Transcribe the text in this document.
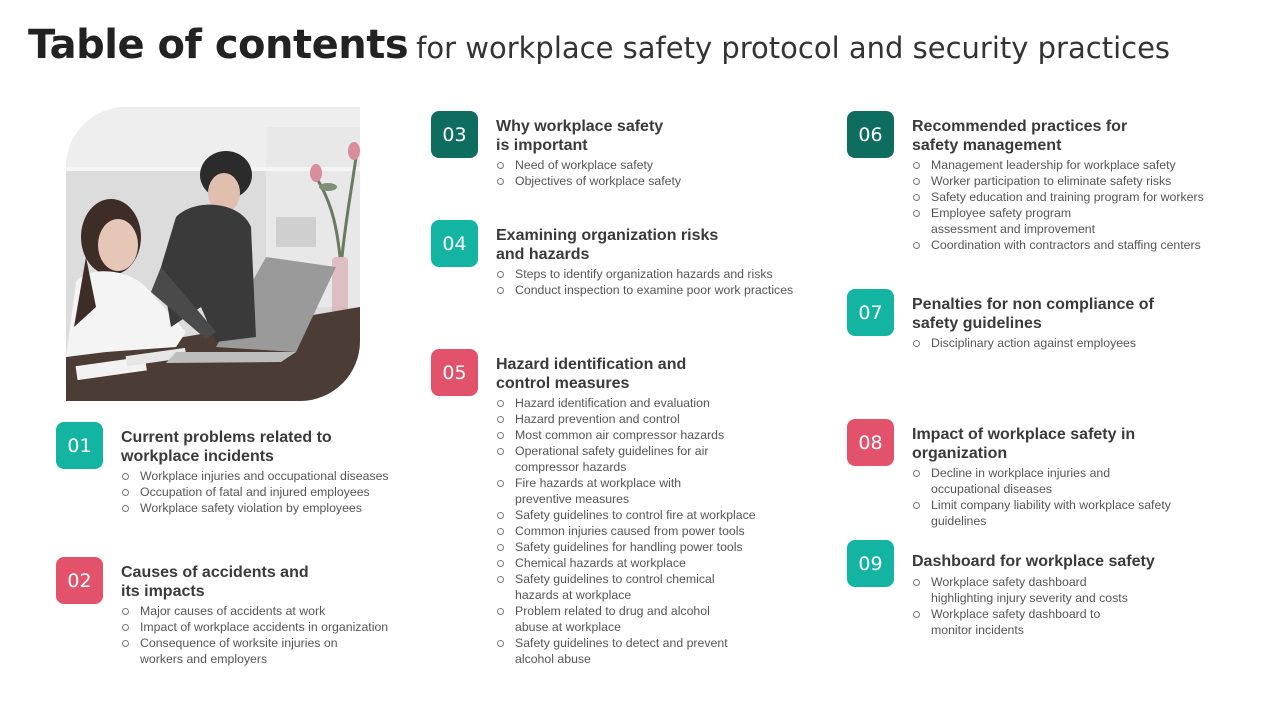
Table of contents for workplace safety protocol and security practices
01	Current problems related to
workplace incidents
Workplace injuries and occupational diseases
Occupation of fatal and injured employees
Workplace safety violation by employees
02	Causes of accidents and
its impacts
Major causes of accidents at work
Impact of workplace accidents in organization
Consequence of worksite injuries on
workers and employers
03	Why workplace safety
is important
Need of workplace safety
Objectives of workplace safety
04	Examining organization risks
and hazards
Steps to identify organization hazards and risks
Conduct inspection to examine poor work practices
05	Hazard identification and
control measures
Hazard identification and evaluation
Hazard prevention and control
Most common air compressor hazards
Operational safety guidelines for air
compressor hazards
Fire hazards at workplace with
preventive measures
Safety guidelines to control fire at workplace
Common injuries caused from power tools
Safety guidelines for handling power tools
Chemical hazards at workplace
Safety guidelines to control chemical
hazards at workplace
Problem related to drug and alcohol
abuse at workplace
Safety guidelines to detect and prevent
alcohol abuse
06	Recommended practices for
safety management
Management leadership for workplace safety
Worker participation to eliminate safety risks
Safety education and training program for workers
Employee safety program
assessment and improvement
Coordination with contractors and staffing centers
07	Penalties for non compliance of
safety guidelines
Disciplinary action against employees
08	Impact of workplace safety in
organization
Decline in workplace injuries and
occupational diseases
Limit company liability with workplace safety
guidelines
09	Dashboard for workplace safety
Workplace safety dashboard
highlighting injury severity and costs
Workplace safety dashboard to
monitor incidents
